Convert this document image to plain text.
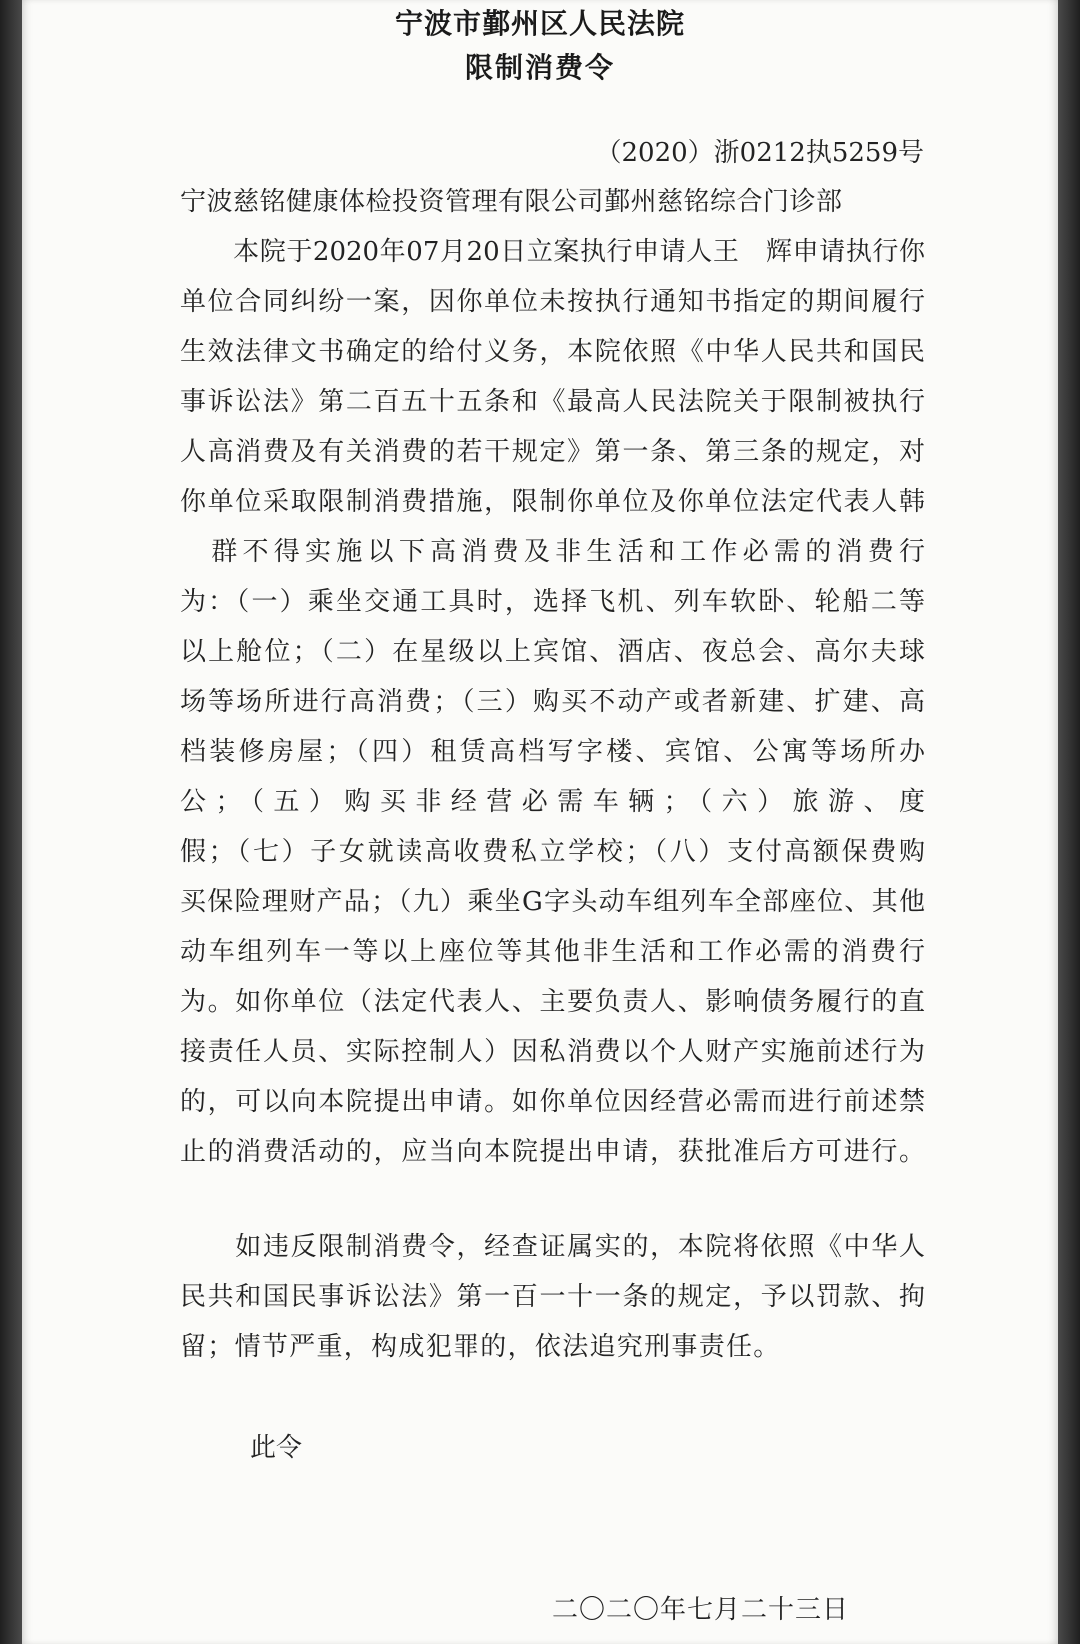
宁波市鄞州区人民法院
限制消费令
（2020）浙0212执5259号
宁波慈铭健康体检投资管理有限公司鄞州慈铭综合门诊部
　　本院于2020年07月20日立案执行申请人王　辉申请执行你
单位合同纠纷一案，因你单位未按执行通知书指定的期间履行
生效法律文书确定的给付义务，本院依照《中华人民共和国民
事诉讼法》第二百五十五条和《最高人民法院关于限制被执行
人高消费及有关消费的若干规定》第一条、第三条的规定，对
你单位采取限制消费措施，限制你单位及你单位法定代表人韩
　群不得实施以下高消费及非生活和工作必需的消费行
为：（一）乘坐交通工具时，选择飞机、列车软卧、轮船二等
以上舱位；（二）在星级以上宾馆、酒店、夜总会、高尔夫球
场等场所进行高消费；（三）购买不动产或者新建、扩建、高
档装修房屋；（四）租赁高档写字楼、宾馆、公寓等场所办
公；（五）购买非经营必需车辆；（六）旅游、度
假；（七）子女就读高收费私立学校；（八）支付高额保费购
买保险理财产品；（九）乘坐G字头动车组列车全部座位、其他
动车组列车一等以上座位等其他非生活和工作必需的消费行
为。如你单位（法定代表人、主要负责人、影响债务履行的直
接责任人员、实际控制人）因私消费以个人财产实施前述行为
的，可以向本院提出申请。如你单位因经营必需而进行前述禁
止的消费活动的，应当向本院提出申请，获批准后方可进行。
　　如违反限制消费令，经查证属实的，本院将依照《中华人
民共和国民事诉讼法》第一百一十一条的规定，予以罚款、拘
留；情节严重，构成犯罪的，依法追究刑事责任。
此令
二〇二〇年七月二十三日
